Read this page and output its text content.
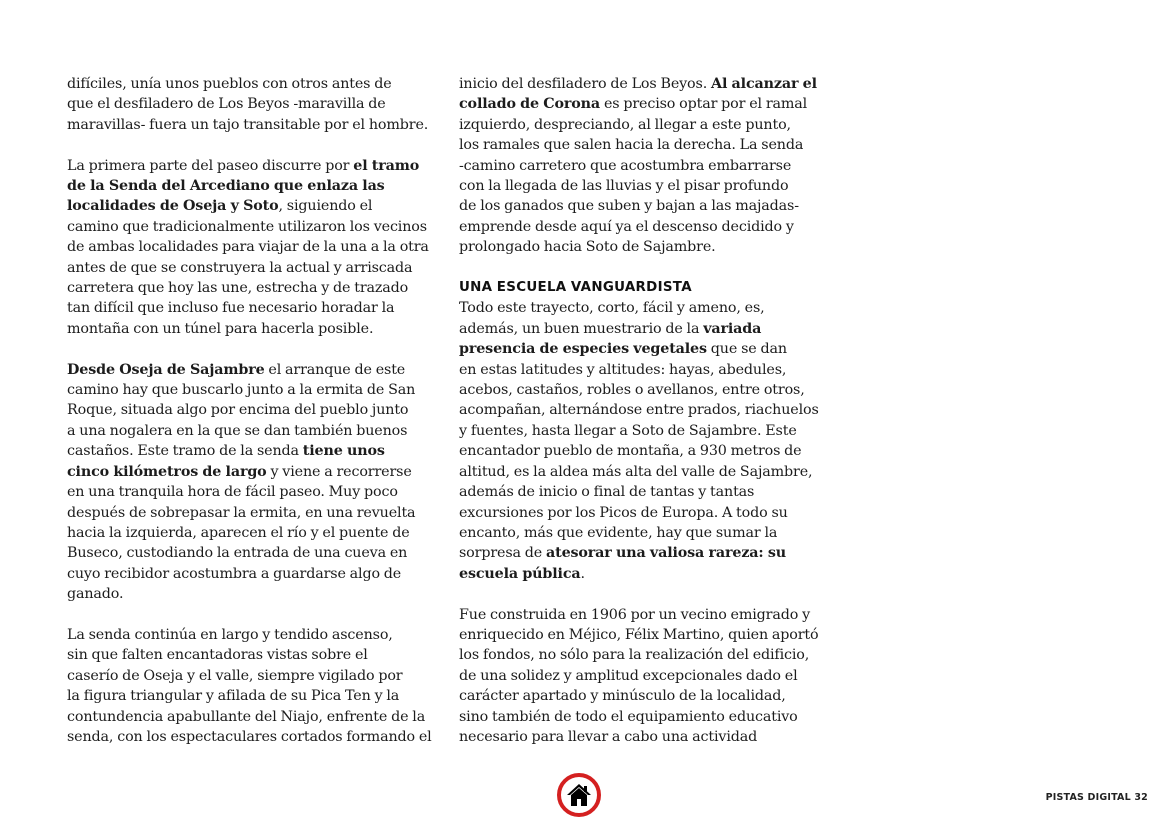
difíciles, unía unos pueblos con otros antes de
que el desfiladero de Los Beyos -maravilla de
maravillas- fuera un tajo transitable por el hombre.
La primera parte del paseo discurre por el tramo
de la Senda del Arcediano que enlaza las
localidades de Oseja y Soto, siguiendo el
camino que tradicionalmente utilizaron los vecinos
de ambas localidades para viajar de la una a la otra
antes de que se construyera la actual y arriscada
carretera que hoy las une, estrecha y de trazado
tan difícil que incluso fue necesario horadar la
montaña con un túnel para hacerla posible.
Desde Oseja de Sajambre el arranque de este
camino hay que buscarlo junto a la ermita de San
Roque, situada algo por encima del pueblo junto
a una nogalera en la que se dan también buenos
castaños. Este tramo de la senda tiene unos
cinco kilómetros de largo y viene a recorrerse
en una tranquila hora de fácil paseo. Muy poco
después de sobrepasar la ermita, en una revuelta
hacia la izquierda, aparecen el río y el puente de
Buseco, custodiando la entrada de una cueva en
cuyo recibidor acostumbra a guardarse algo de
ganado.
La senda continúa en largo y tendido ascenso,
sin que falten encantadoras vistas sobre el
caserío de Oseja y el valle, siempre vigilado por
la figura triangular y afilada de su Pica Ten y la
contundencia apabullante del Niajo, enfrente de la
senda, con los espectaculares cortados formando el
inicio del desfiladero de Los Beyos. Al alcanzar el
collado de Corona es preciso optar por el ramal
izquierdo, despreciando, al llegar a este punto,
los ramales que salen hacia la derecha. La senda
-camino carretero que acostumbra embarrarse
con la llegada de las lluvias y el pisar profundo
de los ganados que suben y bajan a las majadas-
emprende desde aquí ya el descenso decidido y
prolongado hacia Soto de Sajambre.
UNA ESCUELA VANGUARDISTA
Todo este trayecto, corto, fácil y ameno, es,
además, un buen muestrario de la variada
presencia de especies vegetales que se dan
en estas latitudes y altitudes: hayas, abedules,
acebos, castaños, robles o avellanos, entre otros,
acompañan, alternándose entre prados, riachuelos
y fuentes, hasta llegar a Soto de Sajambre. Este
encantador pueblo de montaña, a 930 metros de
altitud, es la aldea más alta del valle de Sajambre,
además de inicio o final de tantas y tantas
excursiones por los Picos de Europa. A todo su
encanto, más que evidente, hay que sumar la
sorpresa de atesorar una valiosa rareza: su
escuela pública.
Fue construida en 1906 por un vecino emigrado y
enriquecido en Méjico, Félix Martino, quien aportó
los fondos, no sólo para la realización del edificio,
de una solidez y amplitud excepcionales dado el
carácter apartado y minúsculo de la localidad,
sino también de todo el equipamiento educativo
necesario para llevar a cabo una actividad
PISTAS DIGITAL 32
